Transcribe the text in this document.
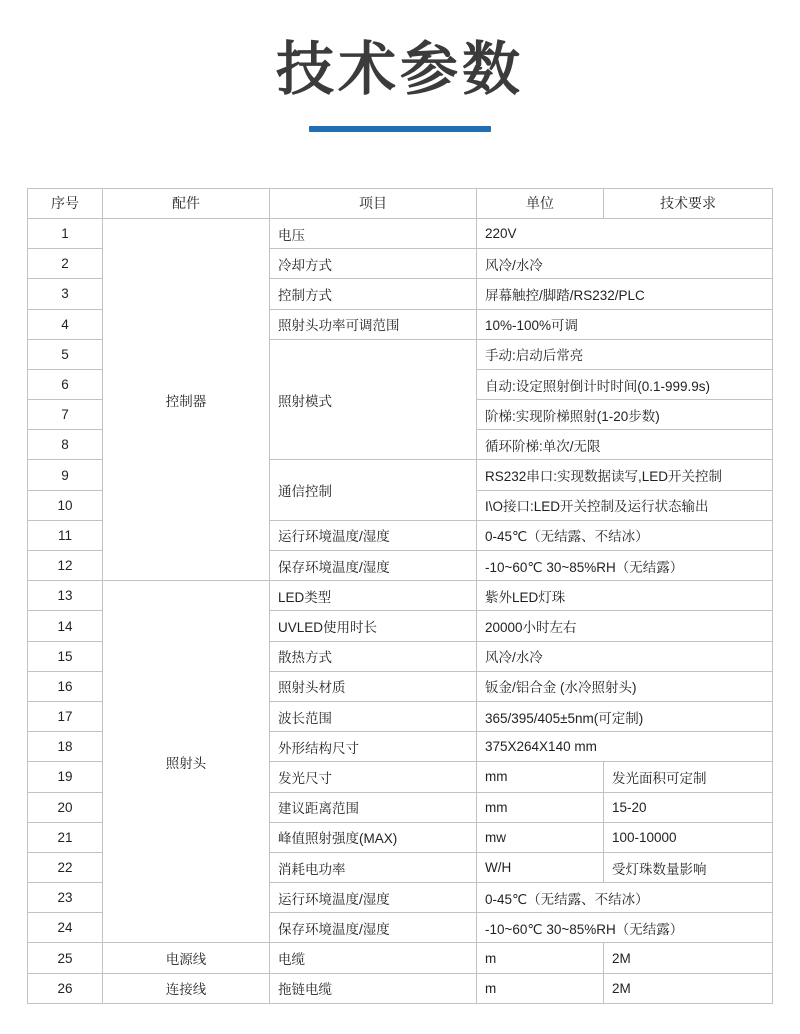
技术参数
序号	配件	项目	单位	技术要求
1	控制器	电压	220V	
2		冷却方式	风冷/水冷	
3		控制方式	屏幕触控/脚踏/RS232/PLC	
4		照射头功率可调范围	10%-100%可调	
5		照射模式	手动:启动后常亮	
6			自动:设定照射倒计时时间(0.1-999.9s)	
7			阶梯:实现阶梯照射(1-20步数)	
8			循环阶梯:单次/无限	
9		通信控制	RS232串口:实现数据读写,LED开关控制	
10			I\O接口:LED开关控制及运行状态输出	
11		运行环境温度/湿度	0-45℃（无结露、不结冰）	
12		保存环境温度/湿度	-10~60℃ 30~85%RH（无结露）	
13	照射头	LED类型	紫外LED灯珠	
14		UVLED使用时长	20000小时左右	
15		散热方式	风冷/水冷	
16		照射头材质	钣金/铝合金 (水冷照射头)	
17		波长范围	365/395/405±5nm(可定制)	
18		外形结构尺寸	375X264X140 mm	
19		发光尺寸	mm	发光面积可定制
20		建议距离范围	mm	15-20
21		峰值照射强度(MAX)	mw	100-10000
22		消耗电功率	W/H	受灯珠数量影响
23		运行环境温度/湿度	0-45℃（无结露、不结冰）	
24		保存环境温度/湿度	-10~60℃ 30~85%RH（无结露）	
25	电源线	电缆	m	2M
26	连接线	拖链电缆	m	2M
